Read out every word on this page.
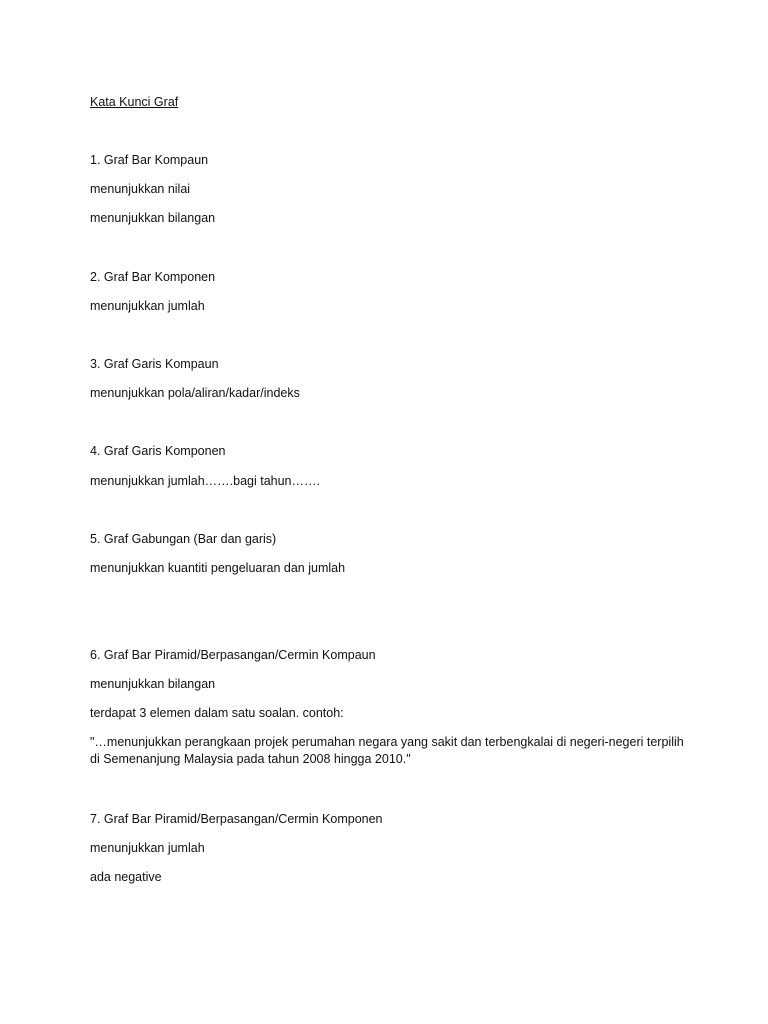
Kata Kunci Graf

1. Graf Bar Kompaun

menunjukkan nilai

menunjukkan bilangan

2. Graf Bar Komponen

menunjukkan jumlah

3. Graf Garis Kompaun

menunjukkan pola/aliran/kadar/indeks

4. Graf Garis Komponen

menunjukkan jumlah…….bagi tahun…….

5. Graf Gabungan (Bar dan garis)

menunjukkan kuantiti pengeluaran dan jumlah

6. Graf Bar Piramid/Berpasangan/Cermin Kompaun

menunjukkan bilangan

terdapat 3 elemen dalam satu soalan. contoh:

"…menunjukkan perangkaan projek perumahan negara yang sakit dan terbengkalai di negeri-negeri terpilih di Semenanjung Malaysia pada tahun 2008 hingga 2010."

7. Graf Bar Piramid/Berpasangan/Cermin Komponen

menunjukkan jumlah

ada negative
